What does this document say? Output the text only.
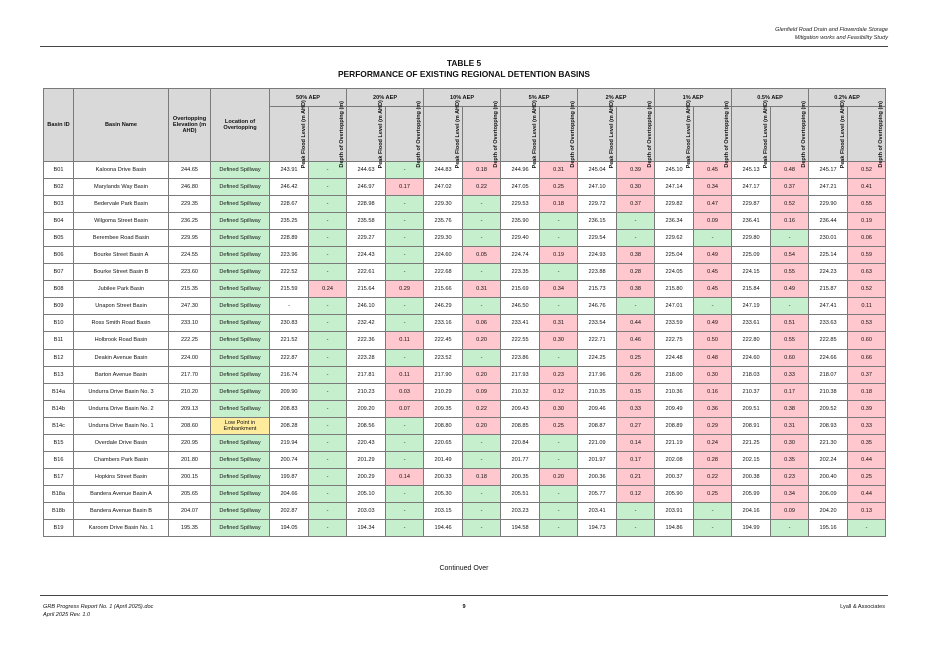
Glenfield Road Drain and Flowerdale Storage
Mitigation works and Feasibility Study
TABLE 5
PERFORMANCE OF EXISTING REGIONAL DETENTION BASINS
Basin ID	Basin Name	Overtopping Elevation (m AHD)	Location of Overtopping	50% AEP		20% AEP		10% AEP		5% AEP		2% AEP		1% AEP		0.5% AEP		0.2% AEP	
				Peak Flood Level (m AHD)	Depth of Overtopping (m)	Peak Flood Level (m AHD)	Depth of Overtopping (m)	Peak Flood Level (m AHD)	Depth of Overtopping (m)	Peak Flood Level (m AHD)	Depth of Overtopping (m)	Peak Flood Level (m AHD)	Depth of Overtopping (m)	Peak Flood Level (m AHD)	Depth of Overtopping (m)	Peak Flood Level (m AHD)	Depth of Overtopping (m)	Peak Flood Level (m AHD)	Depth of Overtopping (m)
B01	Kaloona Drive Basin	244.65	Defined Spillway	243.91	-	244.63	-	244.83	0.18	244.96	0.31	245.04	0.39	245.10	0.45	245.13	0.48	245.17	0.52
B02	Marylands Way Basin	246.80	Defined Spillway	246.42	-	246.97	0.17	247.02	0.22	247.05	0.25	247.10	0.30	247.14	0.34	247.17	0.37	247.21	0.41
B03	Bedervale Park Basin	229.35	Defined Spillway	228.67	-	228.98	-	229.30	-	229.53	0.18	229.72	0.37	229.82	0.47	229.87	0.52	229.90	0.55
B04	Wilgoma Street Basin	236.25	Defined Spillway	235.25	-	235.58	-	235.76	-	235.90	-	236.15	-	236.34	0.09	236.41	0.16	236.44	0.19
B05	Berembee Road Basin	229.95	Defined Spillway	228.89	-	229.27	-	229.30	-	229.40	-	229.54	-	229.62	-	229.80	-	230.01	0.06
B06	Bourke Street Basin A	224.55	Defined Spillway	223.96	-	224.43	-	224.60	0.05	224.74	0.19	224.93	0.38	225.04	0.49	225.09	0.54	225.14	0.59
B07	Bourke Street Basin B	223.60	Defined Spillway	222.52	-	222.61	-	222.68	-	223.35	-	223.88	0.28	224.05	0.45	224.15	0.55	224.23	0.63
B08	Jubilee Park Basin	215.35	Defined Spillway	215.59	0.24	215.64	0.29	215.66	0.31	215.69	0.34	215.73	0.38	215.80	0.45	215.84	0.49	215.87	0.52
B09	Unapon Street Basin	247.30	Defined Spillway	-	-	246.10	-	246.29	-	246.50	-	246.76	-	247.01	-	247.19	-	247.41	0.11
B10	Ross Smith Road Basin	233.10	Defined Spillway	230.83	-	232.42	-	233.16	0.06	233.41	0.31	233.54	0.44	233.59	0.49	233.61	0.51	233.63	0.53
B11	Holbrook Road Basin	222.25	Defined Spillway	221.52	-	222.36	0.11	222.45	0.20	222.55	0.30	222.71	0.46	222.75	0.50	222.80	0.55	222.85	0.60
B12	Deakin Avenue Basin	224.00	Defined Spillway	222.87	-	223.28	-	223.52	-	223.86	-	224.25	0.25	224.48	0.48	224.60	0.60	224.66	0.66
B13	Barton Avenue Basin	217.70	Defined Spillway	216.74	-	217.81	0.11	217.90	0.20	217.93	0.23	217.96	0.26	218.00	0.30	218.03	0.33	218.07	0.37
B14a	Undurra Drive Basin No. 3	210.20	Defined Spillway	209.90	-	210.23	0.03	210.29	0.09	210.32	0.12	210.35	0.15	210.36	0.16	210.37	0.17	210.38	0.18
B14b	Undurra Drive Basin No. 2	209.13	Defined Spillway	208.83	-	209.20	0.07	209.35	0.22	209.43	0.30	209.46	0.33	209.49	0.36	209.51	0.38	209.52	0.39
B14c	Undurra Drive Basin No. 1	208.60	Low Point in Embankment	208.28	-	208.56	-	208.80	0.20	208.85	0.25	208.87	0.27	208.89	0.29	208.91	0.31	208.93	0.33
B15	Overdale Drive Basin	220.95	Defined Spillway	219.94	-	220.43	-	220.65	-	220.84	-	221.09	0.14	221.19	0.24	221.25	0.30	221.30	0.35
B16	Chambers Park Basin	201.80	Defined Spillway	200.74	-	201.29	-	201.49	-	201.77	-	201.97	0.17	202.08	0.28	202.15	0.35	202.24	0.44
B17	Hopkins Street Basin	200.15	Defined Spillway	199.87	-	200.29	0.14	200.33	0.18	200.35	0.20	200.36	0.21	200.37	0.22	200.38	0.23	200.40	0.25
B18a	Bandera Avenue Basin A	205.65	Defined Spillway	204.66	-	205.10	-	205.30	-	205.51	-	205.77	0.12	205.90	0.25	205.99	0.34	206.09	0.44
B18b	Bandera Avenue Basin B	204.07	Defined Spillway	202.87	-	203.03	-	203.15	-	203.23	-	203.41	-	203.91	-	204.16	0.09	204.20	0.13
B19	Karoom Drive Basin No. 1	195.35	Defined Spillway	194.05	-	194.34	-	194.46	-	194.58	-	194.73	-	194.86	-	194.99	-	195.16	-
Continued Over
GRB Progress Report No. 1 (April 2025).doc
April 2025 Rev. 1.0
9	Lyall & Associates
